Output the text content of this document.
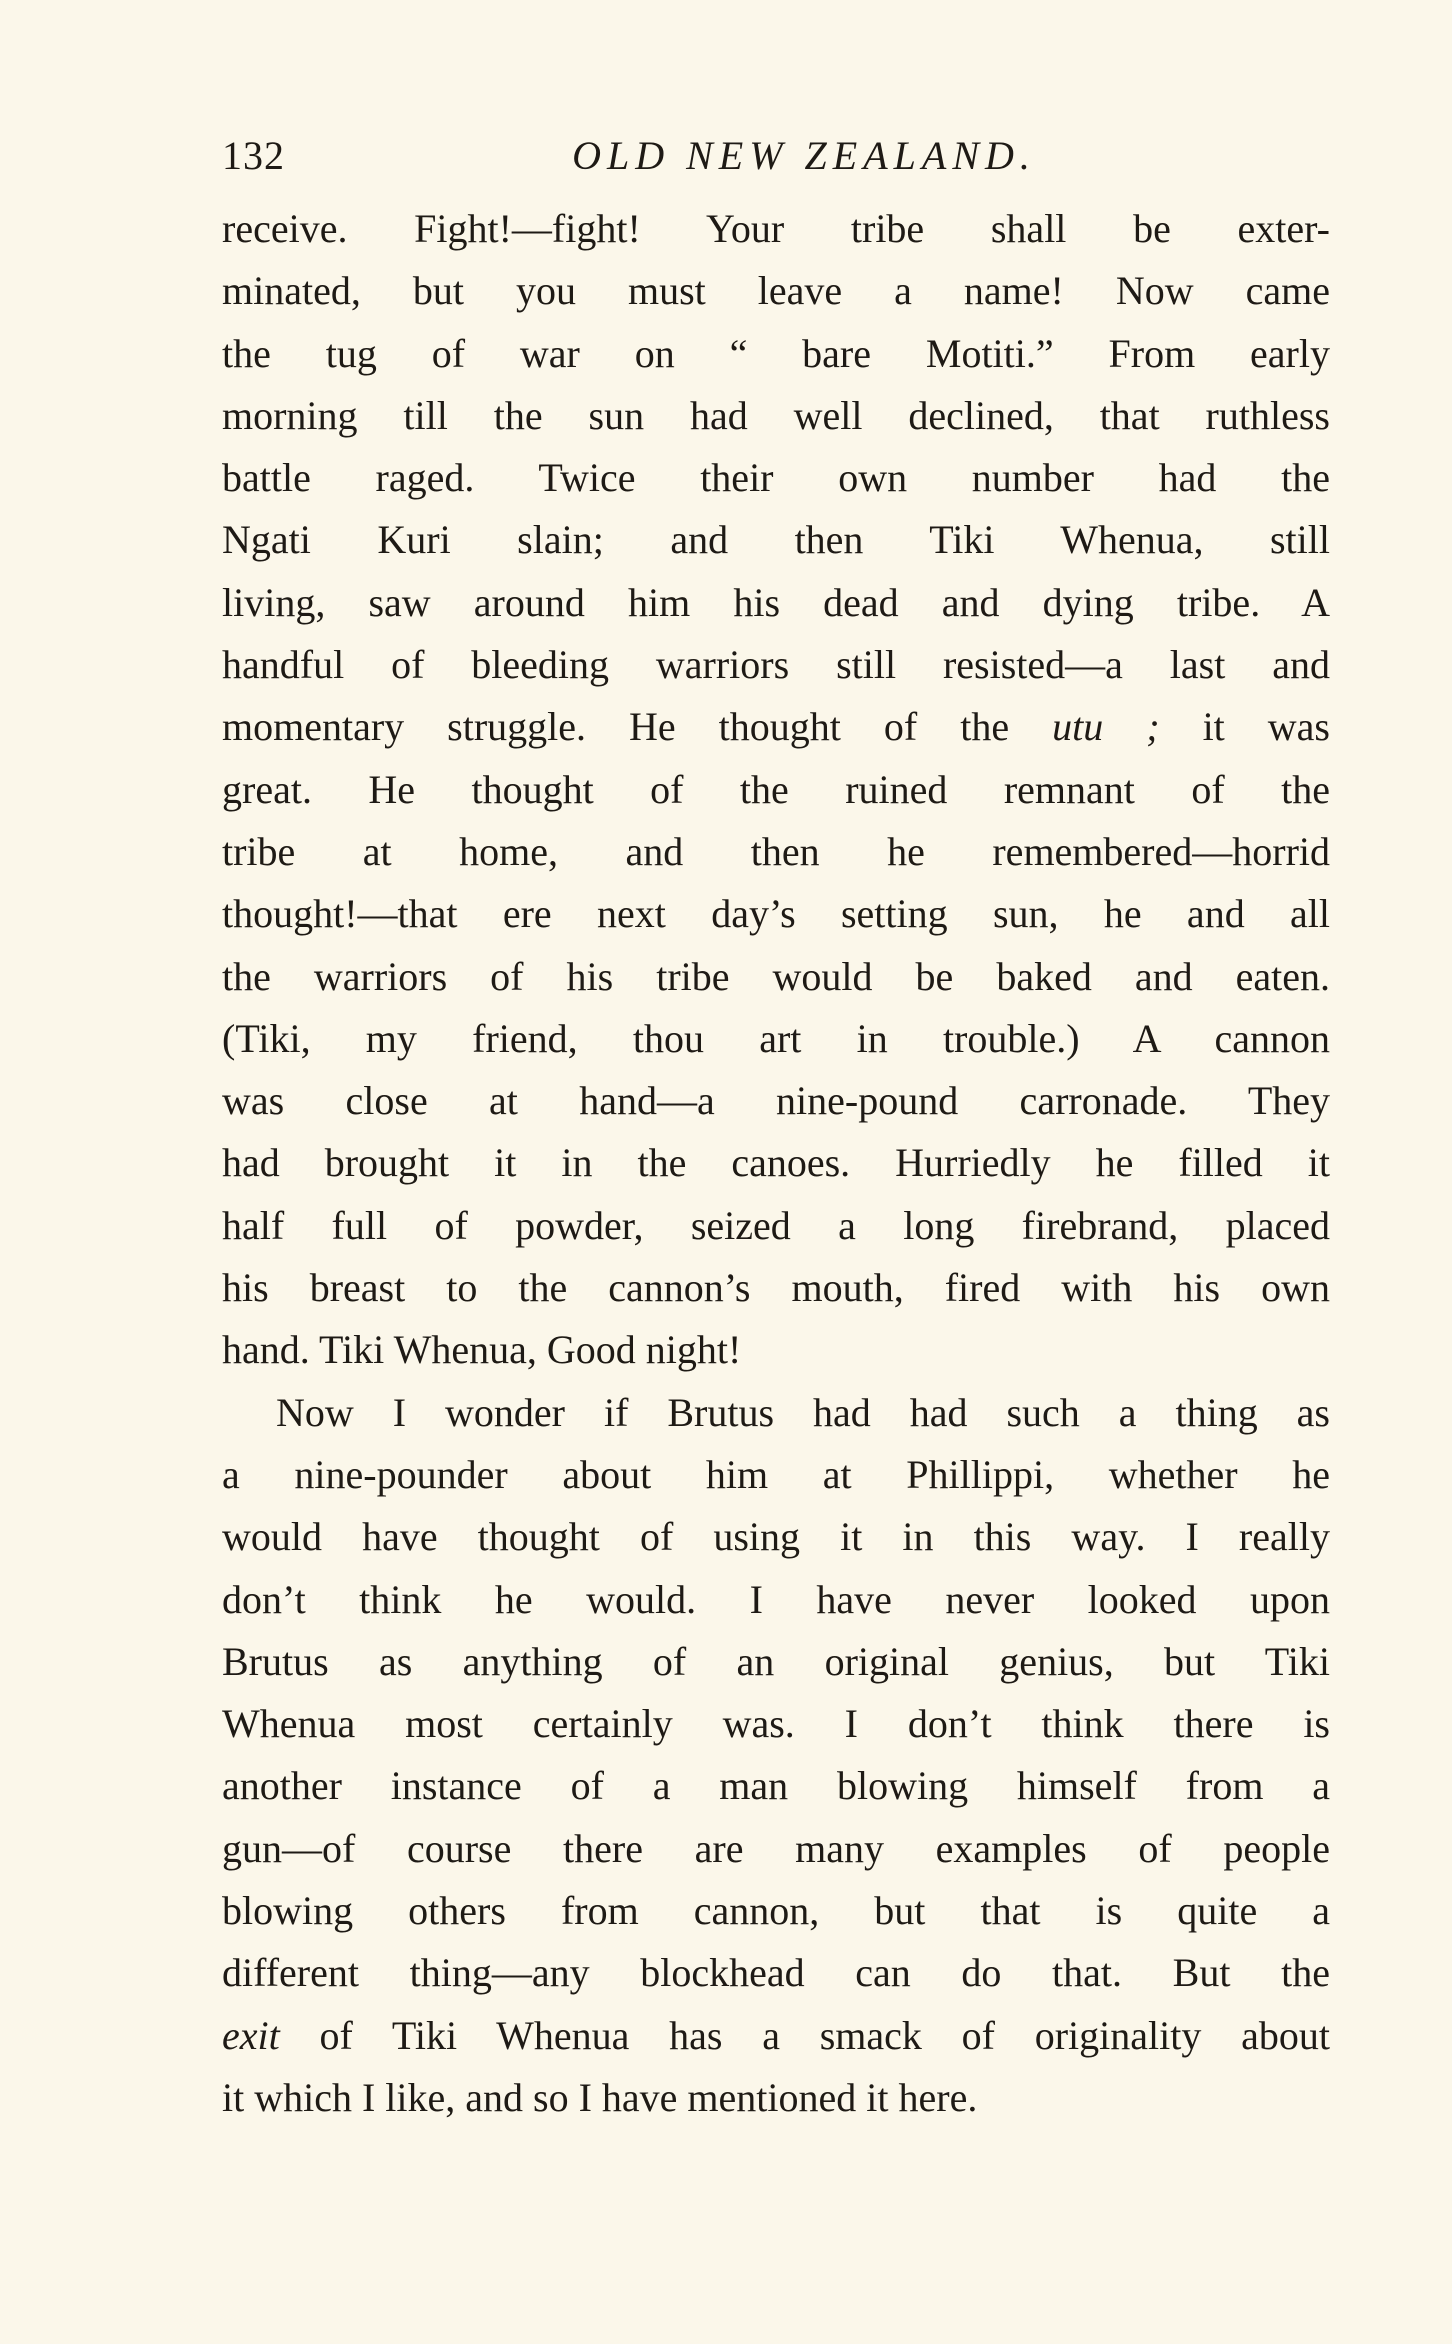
132	OLD NEW ZEALAND.
receive. Fight!—fight! Your tribe shall be exter-
minated, but you must leave a name! Now came
the tug of war on “ bare Motiti.” From early
morning till the sun had well declined, that ruthless
battle raged. Twice their own number had the
Ngati Kuri slain; and then Tiki Whenua, still
living, saw around him his dead and dying tribe. A
handful of bleeding warriors still resisted—a last and
momentary struggle. He thought of the utu ; it was
great. He thought of the ruined remnant of the
tribe at home, and then he remembered—horrid
thought!—that ere next day’s setting sun, he and all
the warriors of his tribe would be baked and eaten.
(Tiki, my friend, thou art in trouble.) A cannon
was close at hand—a nine-pound carronade. They
had brought it in the canoes. Hurriedly he filled it
half full of powder, seized a long firebrand, placed
his breast to the cannon’s mouth, fired with his own
hand. Tiki Whenua, Good night!
Now I wonder if Brutus had had such a thing as
a nine-pounder about him at Phillippi, whether he
would have thought of using it in this way. I really
don’t think he would. I have never looked upon
Brutus as anything of an original genius, but Tiki
Whenua most certainly was. I don’t think there is
another instance of a man blowing himself from a
gun—of course there are many examples of people
blowing others from cannon, but that is quite a
different thing—any blockhead can do that. But the
exit of Tiki Whenua has a smack of originality about
it which I like, and so I have mentioned it here.
